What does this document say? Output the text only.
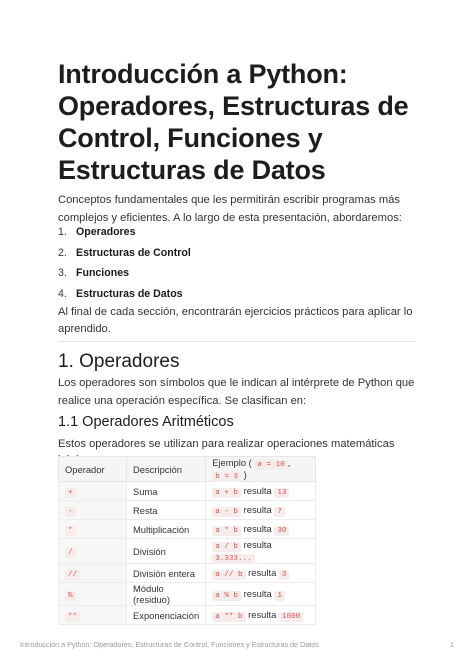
Introducción a Python: Operadores, Estructuras de Control, Funciones y Estructuras de Datos
Conceptos fundamentales que les permitirán escribir programas más complejos y eficientes. A lo largo de esta presentación, abordaremos:
1. Operadores
2. Estructuras de Control
3. Funciones
4. Estructuras de Datos
Al final de cada sección, encontrarán ejercicios prácticos para aplicar lo aprendido.
1. Operadores
Los operadores son símbolos que le indican al intérprete de Python que realice una operación específica. Se clasifican en:
1.1 Operadores Aritméticos
Estos operadores se utilizan para realizar operaciones matemáticas
Operador	Descripción	Ejemplo ( a = 10 , b = 3 )
+	Suma	a + b resulta 13
-	Resta	a - b resulta 7
*	Multiplicación	a * b resulta 30
/	División	a / b resulta 3.333...
//	División entera	a // b resulta 3
%	Módulo (residuo)	a % b resulta 1
**	Exponenciación	a ** b resulta 1000
Introducción a Python: Operadores, Estructuras de Control, Funciones y Estructuras de Datos	1
